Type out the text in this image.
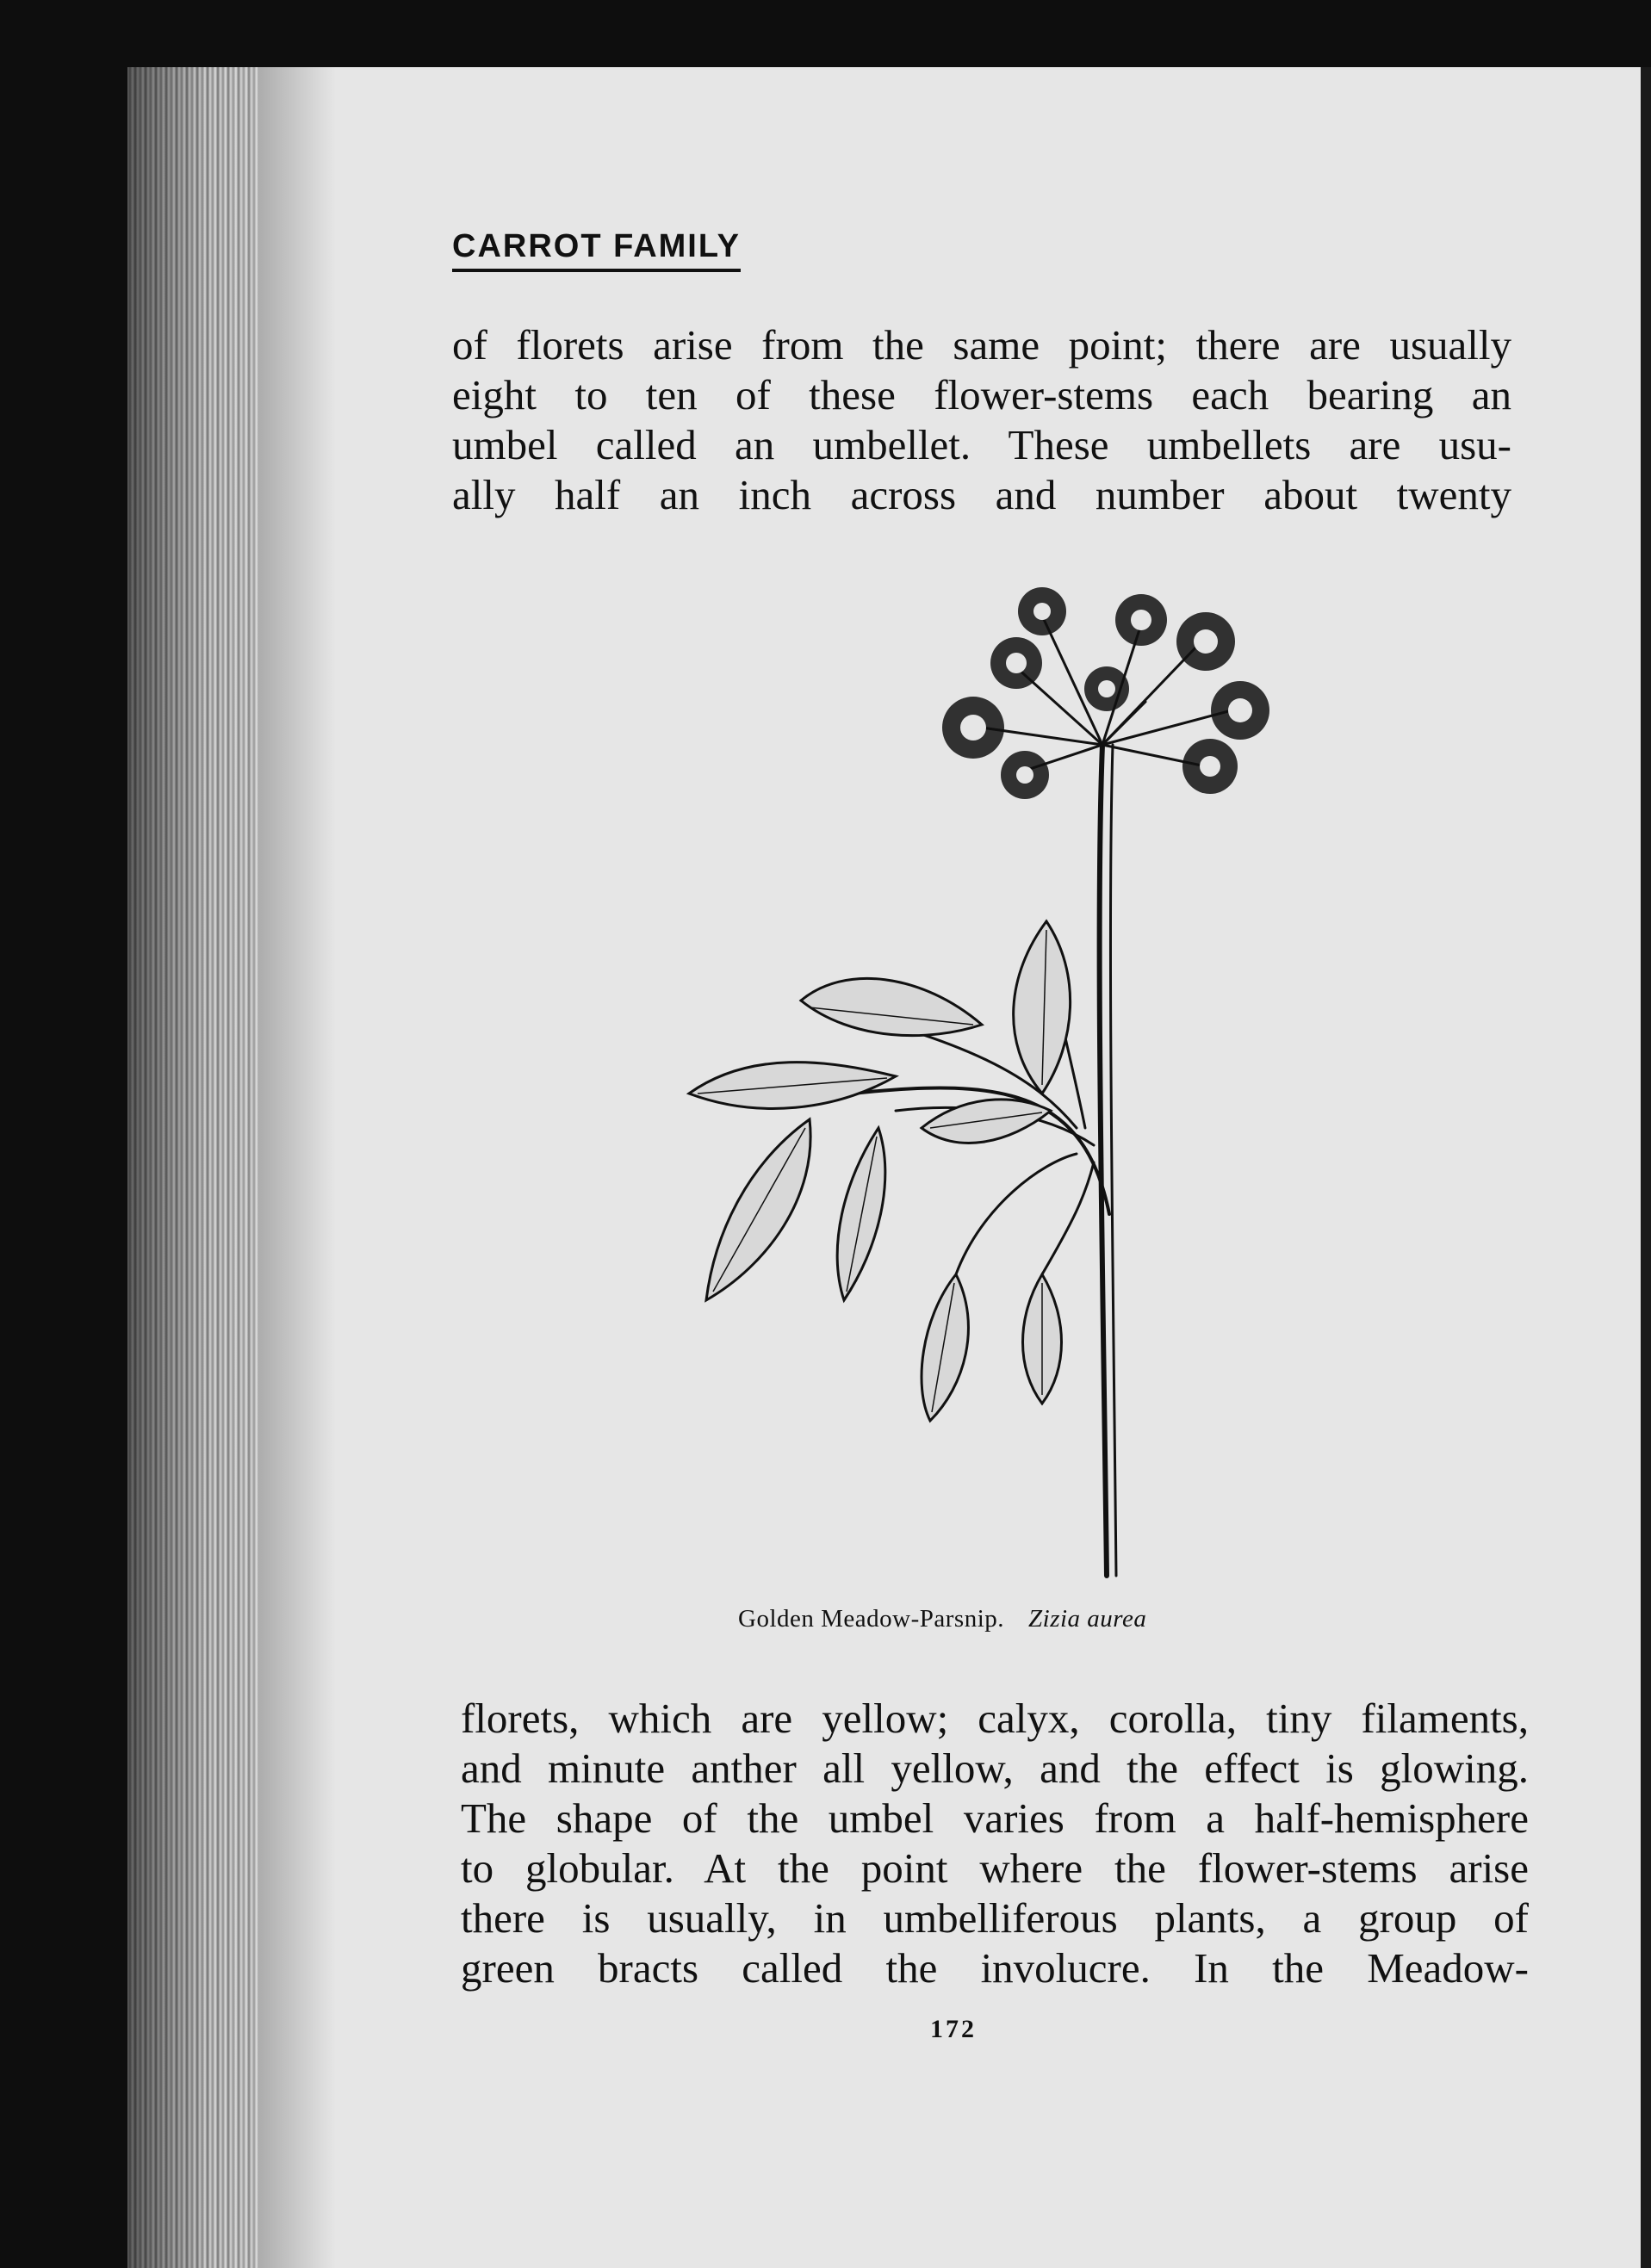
CARROT FAMILY
of florets arise from the same point; there are usually
eight to ten of these flower-stems each bearing an
umbel called an umbellet. These umbellets are usu-
ally half an inch across and number about twenty
Golden Meadow-Parsnip. Zizia aurea
florets, which are yellow; calyx, corolla, tiny filaments,
and minute anther all yellow, and the effect is glowing.
The shape of the umbel varies from a half-hemisphere
to globular. At the point where the flower-stems arise
there is usually, in umbelliferous plants, a group of
green bracts called the involucre. In the Meadow-
172
